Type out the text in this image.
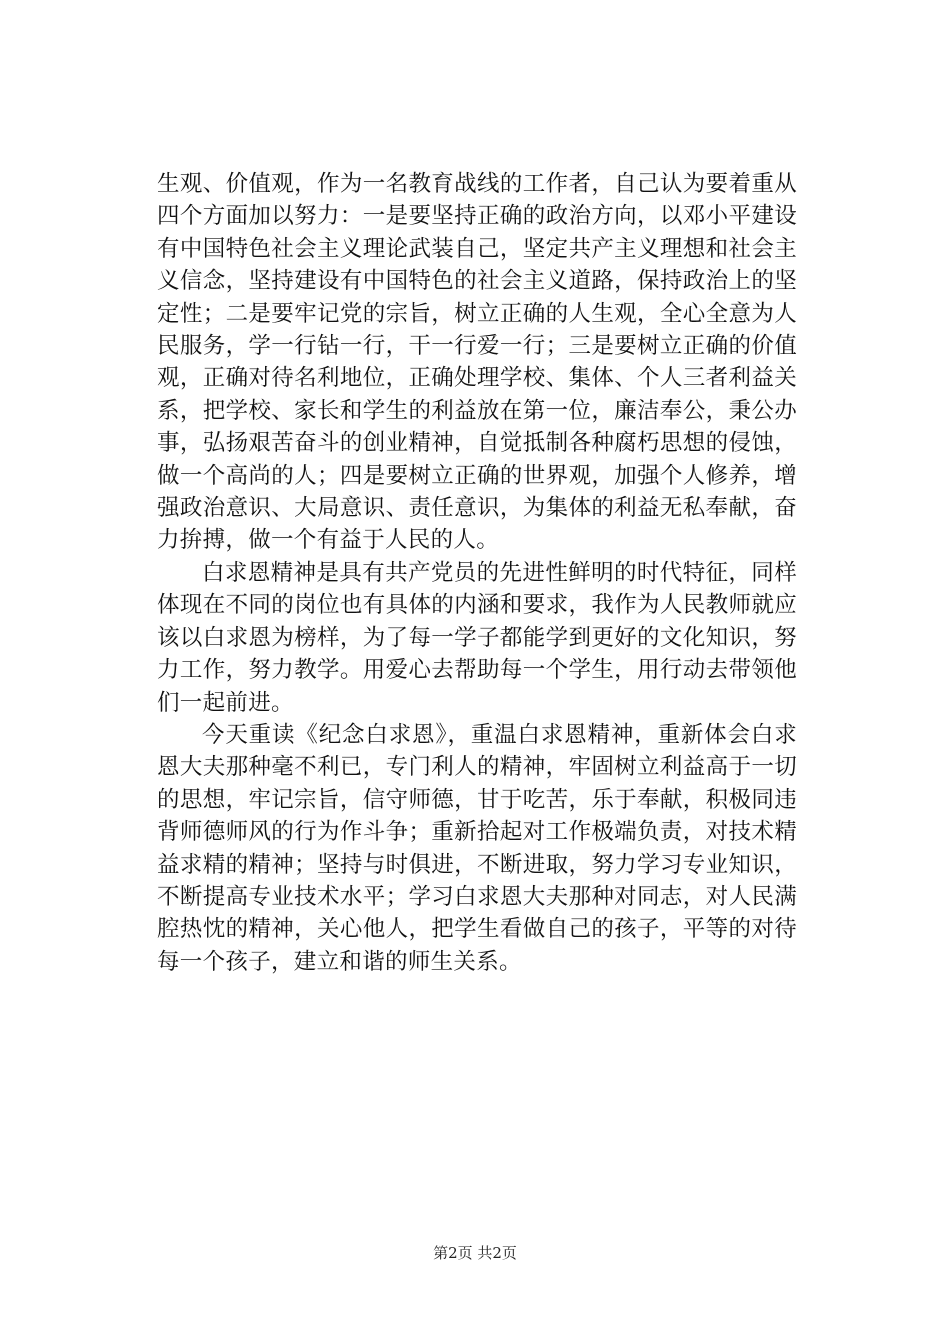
生观、价值观，作为一名教育战线的工作者，自己认为要着重从四个方面加以努力：一是要坚持正确的政治方向，以邓小平建设有中国特色社会主义理论武装自己，坚定共产主义理想和社会主义信念，坚持建设有中国特色的社会主义道路，保持政治上的坚定性；二是要牢记党的宗旨，树立正确的人生观，全心全意为人民服务，学一行钻一行，干一行爱一行；三是要树立正确的价值观，正确对待名利地位，正确处理学校、集体、个人三者利益关系，把学校、家长和学生的利益放在第一位，廉洁奉公，秉公办事，弘扬艰苦奋斗的创业精神，自觉抵制各种腐朽思想的侵蚀，做一个高尚的人；四是要树立正确的世界观，加强个人修养，增强政治意识、大局意识、责任意识，为集体的利益无私奉献，奋力拚搏，做一个有益于人民的人。

白求恩精神是具有共产党员的先进性鲜明的时代特征，同样体现在不同的岗位也有具体的内涵和要求，我作为人民教师就应该以白求恩为榜样，为了每一学子都能学到更好的文化知识，努力工作，努力教学。用爱心去帮助每一个学生，用行动去带领他们一起前进。

今天重读《纪念白求恩》，重温白求恩精神，重新体会白求恩大夫那种毫不利已，专门利人的精神，牢固树立利益高于一切的思想，牢记宗旨，信守师德，甘于吃苦，乐于奉献，积极同违背师德师风的行为作斗争；重新拾起对工作极端负责，对技术精益求精的精神；坚持与时俱进，不断进取，努力学习专业知识，不断提高专业技术水平；学习白求恩大夫那种对同志，对人民满腔热忱的精神，关心他人，把学生看做自己的孩子，平等的对待每一个孩子，建立和谐的师生关系。

第2页 共2页
